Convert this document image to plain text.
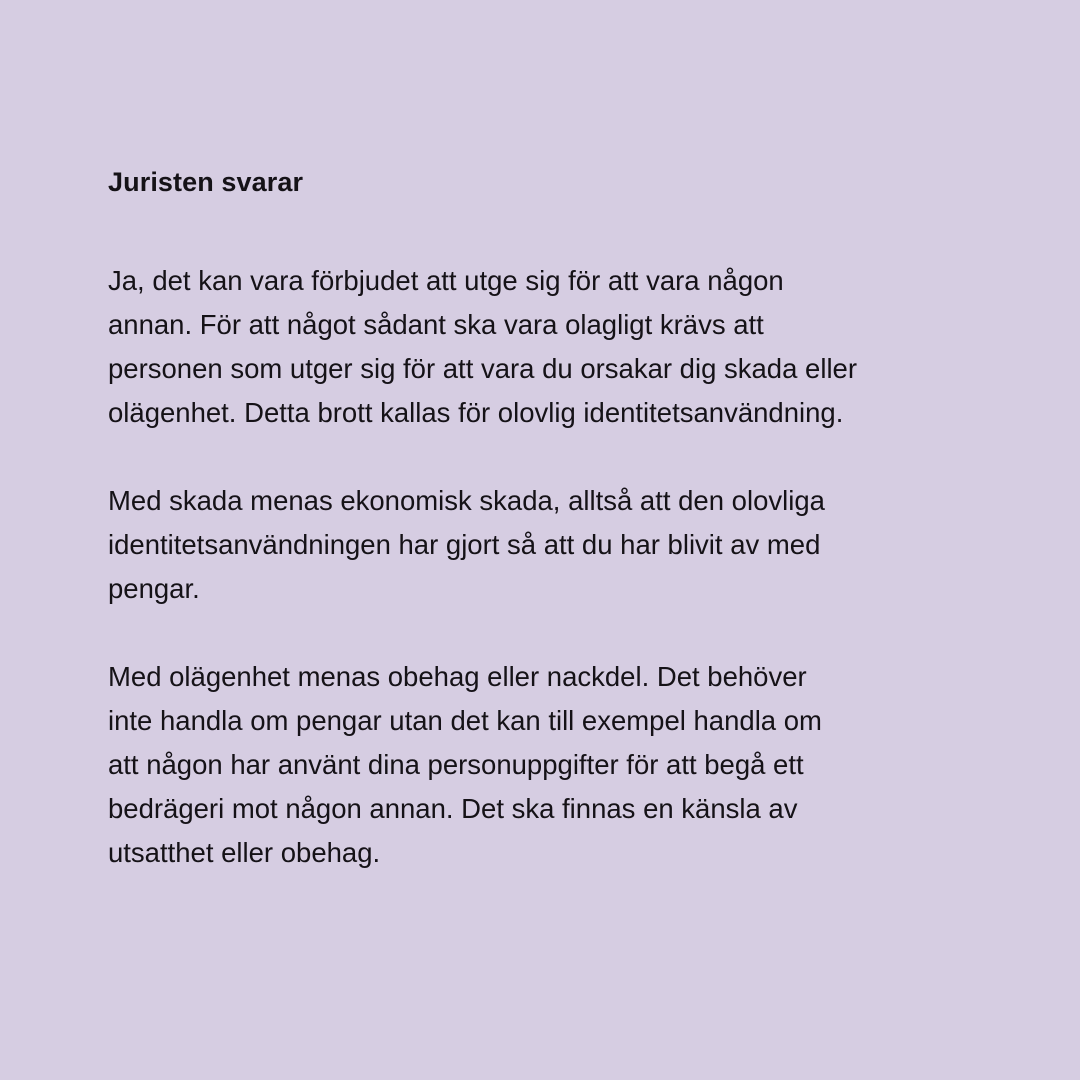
Juristen svarar

Ja, det kan vara förbjudet att utge sig för att vara någon
annan. För att något sådant ska vara olagligt krävs att
personen som utger sig för att vara du orsakar dig skada eller
olägenhet. Detta brott kallas för olovlig identitetsanvändning.

Med skada menas ekonomisk skada, alltså att den olovliga
identitetsanvändningen har gjort så att du har blivit av med
pengar.

Med olägenhet menas obehag eller nackdel. Det behöver
inte handla om pengar utan det kan till exempel handla om
att någon har använt dina personuppgifter för att begå ett
bedrägeri mot någon annan. Det ska finnas en känsla av
utsatthet eller obehag.
